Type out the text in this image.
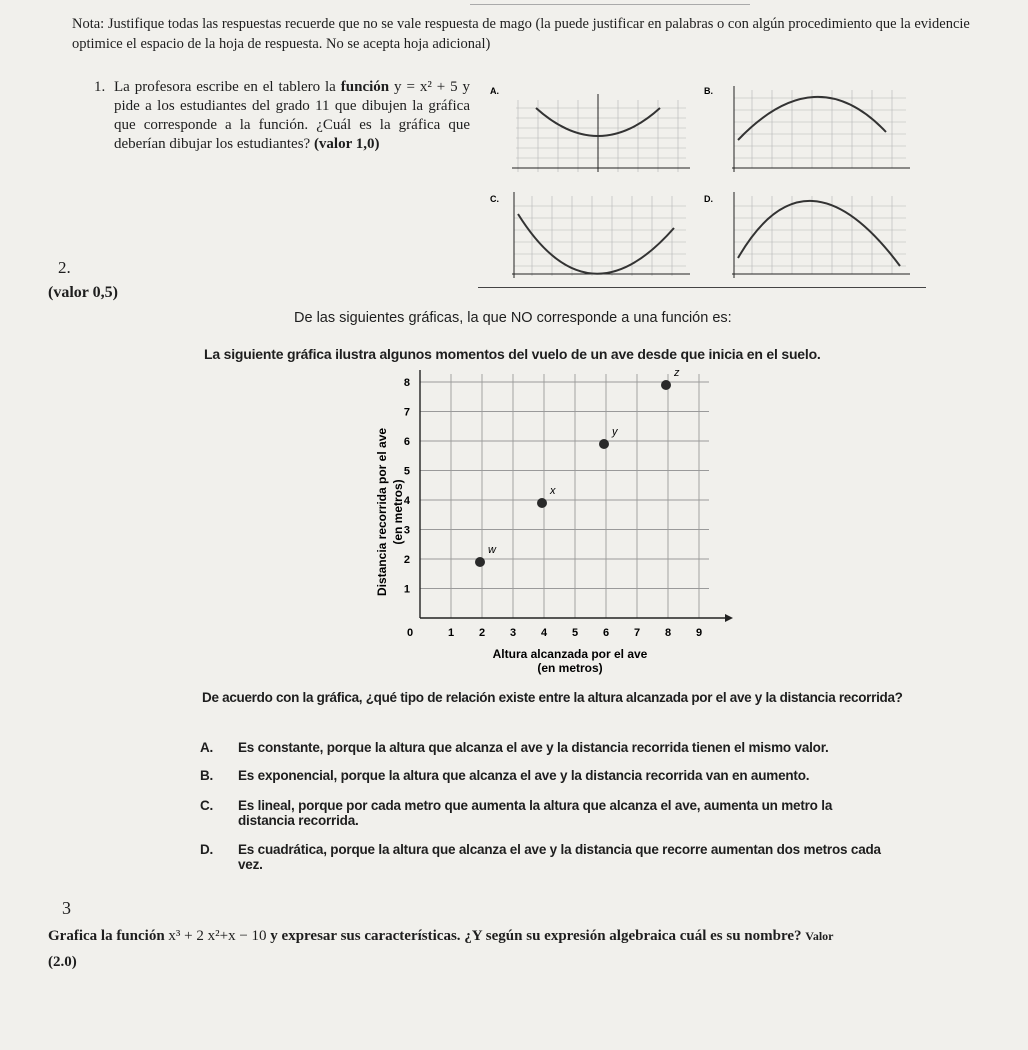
Nota: Justifique todas las respuestas recuerde que no se vale respuesta de mago (la puede justificar en palabras o con algún procedimiento que la evidencie optimice el espacio de la hoja de respuesta. No se acepta hoja adicional)
1. La profesora escribe en el tablero la función y = x² + 5 y pide a los estudiantes del grado 11 que dibujen la gráfica que corresponde a la función. ¿Cuál es la gráfica que deberían dibujar los estudiantes? (valor 1,0)
A.	B.
C.	D.
2.
(valor 0,5)
De las siguientes gráficas, la que NO corresponde a una función es:
La siguiente gráfica ilustra algunos momentos del vuelo de un ave desde que inicia en el suelo.
0	1 2 3 4 5 6 7 8 9
1
2
3
4
5
6
7
8
w
x
y
z
Distancia recorrida por el ave (en metros)
Altura alcanzada por el ave
(en metros)
De acuerdo con la gráfica, ¿qué tipo de relación existe entre la altura alcanzada por el ave y la distancia recorrida?
A. Es constante, porque la altura que alcanza el ave y la distancia recorrida tienen el mismo valor.
B. Es exponencial, porque la altura que alcanza el ave y la distancia recorrida van en aumento.
C. Es lineal, porque por cada metro que aumenta la altura que alcanza el ave, aumenta un metro la distancia recorrida.
D. Es cuadrática, porque la altura que alcanza el ave y la distancia que recorre aumentan dos metros cada vez.
3
Grafica la función x³ + 2 x²+x − 10 y expresar sus características. ¿Y según su expresión algebraica cuál es su nombre? Valor
(2.0)
